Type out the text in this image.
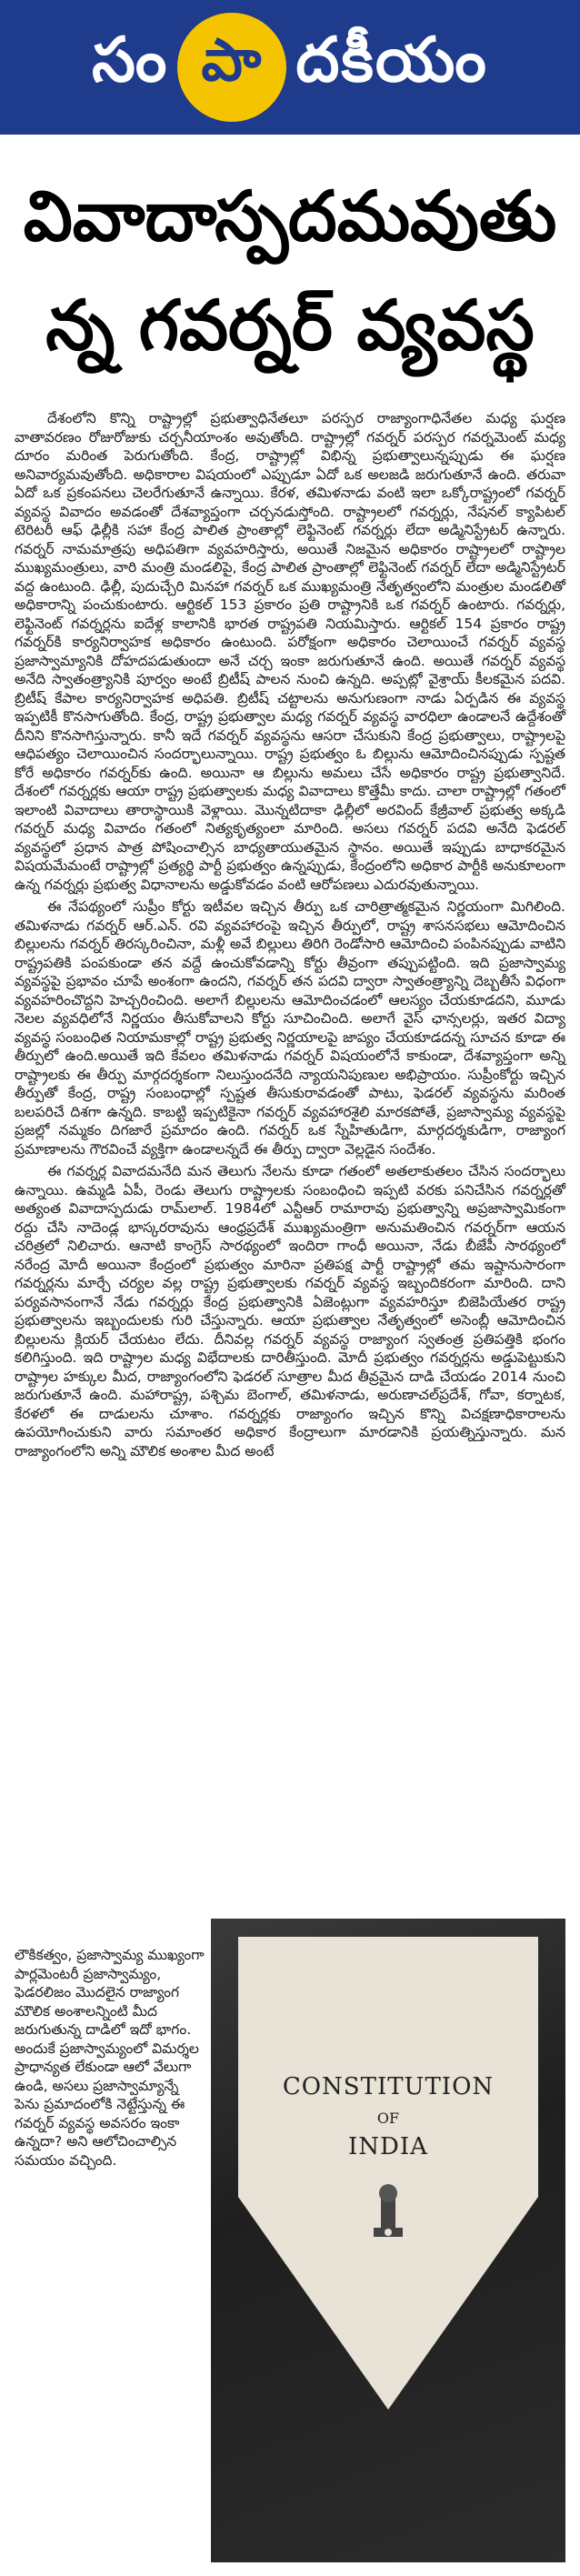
సం పా దకీయం
వివాదాస్పదమవుతు
న్న గవర్నర్ వ్యవస్థ

దేశంలోని కొన్ని రాష్ట్రాల్లో ప్రభుత్వాధినేతలూ పరస్పర రాజ్యాంగాధినేతల మధ్య ఘర్షణ వాతావరణం రోజురోజుకు చర్చనీయాంశం అవుతోంది. రాష్ట్రాల్లో గవర్నర్ పరస్పర గవర్నమెంట్ మధ్య దూరం మరింత పెరుగుతోంది. కేంద్ర, రాష్ట్రాల్లో విభిన్న ప్రభుత్వాలున్నప్పుడు ఈ ఘర్షణ అనివార్యమవుతోంది. అధికారాల విషయంలో ఎప్పుడూ ఏదో ఒక అలజడి జరుగుతూనే ఉంది. తరువా ఏదో ఒక ప్రకంపనలు చెలరేగుతూనే ఉన్నాయి. కేరళ, తమిళనాడు వంటి ఇలా ఒక్కోరాష్ట్రంలో గవర్నర్ వ్యవస్థ వివాదం అవడంతో దేశవ్యాప్తంగా చర్చనడుస్తోంది. రాష్ట్రాలలో గవర్నర్లు, నేషనల్ క్యాపిటల్ టెరిటరీ ఆఫ్ ఢిల్లీకి సహా కేంద్ర పాలిత ప్రాంతాల్లో లెఫ్టినెంట్ గవర్నర్లు లేదా అడ్మినిస్ట్రేటర్ ఉన్నారు. గవర్నర్ నామమాత్రపు అధిపతిగా వ్యవహరిస్తారు, అయితే నిజమైన అధికారం రాష్ట్రాలలో రాష్ట్రాల ముఖ్యమంత్రులు, వారి మంత్రి మండలిపై, కేంద్ర పాలిత ప్రాంతాల్లో లెఫ్టినెంట్ గవర్నర్ లేదా అడ్మినిస్ట్రేటర్ వద్ద ఉంటుంది. ఢిల్లీ, పుదుచ్చేరి మినహా గవర్నర్ ఒక ముఖ్యమంత్రి నేతృత్వంలోని మంత్రుల మండలితో అధికారాన్ని పంచుకుంటారు. ఆర్టికల్ 153 ప్రకారం ప్రతి రాష్ట్రానికి ఒక గవర్నర్ ఉంటారు. గవర్నర్లు, లెఫ్టినెంట్ గవర్నర్లను ఐదేళ్ల కాలానికి భారత రాష్ట్రపతి నియమిస్తారు. ఆర్టికల్ 154 ప్రకారం రాష్ట్ర గవర్నర్‌కి కార్యనిర్వాహక అధికారం ఉంటుంది. పరోక్షంగా అధికారం చెలాయించే గవర్నర్ వ్యవస్థ ప్రజాస్వామ్యానికి దోహదపడుతుందా అనే చర్చ ఇంకా జరుగుతూనే ఉంది. అయితే గవర్నర్ వ్యవస్థ అనేది స్వాతంత్ర్యానికి పూర్వం అంటే బ్రిటీష్ పాలన నుంచి ఉన్నది. అప్పట్లో వైశ్రాయ్ కీలకమైన పదవి. బ్రిటీష్ కేపాల కార్యనిర్వాహక అధిపతి. బ్రిటీష్ చట్టాలను అనుగుణంగా నాడు ఏర్పడిన ఈ వ్యవస్థ ఇప్పటికీ కొనసాగుతోంది. కేంద్ర, రాష్ట్ర ప్రభుత్వాల మధ్య గవర్నర్ వ్యవస్థ వారధిలా ఉండాలనే ఉద్దేశంతో దీనిని కొనసాగిస్తున్నారు. కానీ ఇదే గవర్నర్ వ్యవస్థను ఆసరా చేసుకుని కేంద్ర ప్రభుత్వాలు, రాష్ట్రాలపై ఆధిపత్యం చెలాయించిన సందర్భాలున్నాయి. రాష్ట్ర ప్రభుత్వం ఓ బిల్లును ఆమోదించినప్పుడు స్పష్టత కోరే అధికారం గవర్నర్‌కు ఉంది. అయినా ఆ బిల్లును అమలు చేసే అధికారం రాష్ట్ర ప్రభుత్వానిదే. దేశంలో గవర్నర్లకు ఆయా రాష్ట్ర ప్రభుత్వాలకు మధ్య వివాదాలు కొత్తేమీ కాదు. చాలా రాష్ట్రాల్లో గతంలో ఇలాంటి వివాదాలు తారాస్థాయికి వెళ్లాయి. మొన్నటిదాకా ఢిల్లీలో అరవింద్ కేజ్రీవాల్ ప్రభుత్వ అక్కడి గవర్నర్ మధ్య వివాదం గతంలో నిత్యకృత్యంలా మారింది. అసలు గవర్నర్ పదవి అనేది ఫెడరల్ వ్యవస్థలో ప్రధాన పాత్ర పోషించాల్సిన బాధ్యతాయుతమైన స్థానం. అయితే ఇప్పుడు బాధాకరమైన విషయమేమంటే రాష్ట్రాల్లో ప్రత్యర్థి పార్టీ ప్రభుత్వం ఉన్నప్పుడు, కేంద్రంలోని అధికార పార్టీకి అనుకూలంగా ఉన్న గవర్నర్లు ప్రభుత్వ విధానాలను అడ్డుకోవడం వంటి ఆరోపణలు ఎదురవుతున్నాయి.

ఈ నేపథ్యంలో సుప్రీం కోర్టు ఇటీవల ఇచ్చిన తీర్పు ఒక చారిత్రాత్మకమైన నిర్ణయంగా మిగిలింది. తమిళనాడు గవర్నర్ ఆర్.ఎన్. రవి వ్యవహారంపై ఇచ్చిన తీర్పులో, రాష్ట్ర శాసనసభలు ఆమోదించిన బిల్లులను గవర్నర్ తిరస్కరించినా, మళ్లీ అవే బిల్లులు తిరిగి రెండోసారి ఆమోదించి పంపినప్పుడు వాటిని రాష్ట్రపతికి పంపకుండా తన వద్దే ఉంచుకోవడాన్ని కోర్టు తీవ్రంగా తప్పుపట్టింది. ఇది ప్రజాస్వామ్య వ్యవస్థపై ప్రభావం చూపే అంశంగా ఉందని, గవర్నర్ తన పదవి ద్వారా స్వాతంత్ర్యాన్ని దెబ్బతీసే విధంగా వ్యవహరించొద్దని హెచ్చరించింది. అలాగే బిల్లులను ఆమోదించడంలో ఆలస్యం చేయకూడదని, మూడు నెలల వ్యవధిలోనే నిర్ణయం తీసుకోవాలని కోర్టు సూచించింది. అలాగే వైస్ ఛాన్సలర్లు, ఇతర విద్యా వ్యవస్థ సంబంధిత నియామకాల్లో రాష్ట్ర ప్రభుత్వ నిర్ణయాలపై జాప్యం చేయకూడదన్న సూచన కూడా ఈ తీర్పులో ఉంది.అయితే ఇది కేవలం తమిళనాడు గవర్నర్ విషయంలోనే కాకుండా, దేశవ్యాప్తంగా అన్ని రాష్ట్రాలకు ఈ తీర్పు మార్గదర్శకంగా నిలుస్తుందనేది న్యాయనిపుణుల అభిప్రాయం. సుప్రీంకోర్టు ఇచ్చిన తీర్పుతో కేంద్ర, రాష్ట్ర సంబంధాల్లో స్పష్టత తీసుకురావడంతో పాటు, ఫెడరల్ వ్యవస్థను మరింత బలపరిచే దిశగా ఉన్నది. కాబట్టి ఇప్పటికైనా గవర్నర్ వ్యవహారశైలి మారకపోతే, ప్రజాస్వామ్య వ్యవస్థపై ప్రజల్లో నమ్మకం దిగజారే ప్రమాదం ఉంది. గవర్నర్ ఒక స్నేహితుడిగా, మార్గదర్శకుడిగా, రాజ్యాంగ ప్రమాణాలను గౌరవించే వ్యక్తిగా ఉండాలన్నదే ఈ తీర్పు ద్వారా వెల్లడైన సందేశం.

ఈ గవర్నర్ల వివాదమనేది మన తెలుగు నేలను కూడా గతంలో అతలాకుతలం చేసిన సందర్భాలు ఉన్నాయి. ఉమ్మడి ఏపీ, రెండు తెలుగు రాష్ట్రాలకు సంబంధించి ఇప్పటి వరకు పనిచేసిన గవర్నర్లతో అత్యంత వివాదాస్పదుడు రామ్‌లాల్. 1984లో ఎన్టీఆర్ రామారావు ప్రభుత్వాన్ని అప్రజాస్వామికంగా రద్దు చేసి నాదెండ్ల భాస్కరరావును ఆంధ్రప్రదేశ్ ముఖ్యమంత్రిగా అనుమతించిన గవర్నర్‌గా ఆయన చరిత్రలో నిలిచారు. ఆనాటి కాంగ్రెస్ సారథ్యంలో ఇందిరా గాంధీ అయినా, నేడు బీజేపీ సారథ్యంలో నరేంద్ర మోదీ అయినా కేంద్రంలో ప్రభుత్వం మారినా ప్రతిపక్ష పార్టీ రాష్ట్రాల్లో తమ ఇష్టానుసారంగా గవర్నర్లను మార్చే చర్యల వల్ల రాష్ట్ర ప్రభుత్వాలకు గవర్నర్ వ్యవస్థ ఇబ్బందికరంగా మారింది. దాని పర్యవసానంగానే నేడు గవర్నర్లు కేంద్ర ప్రభుత్వానికి ఏజెంట్లుగా వ్యవహరిస్తూ బిజెపియేతర రాష్ట్ర ప్రభుత్వాలను ఇబ్బందులకు గురి చేస్తున్నారు. ఆయా ప్రభుత్వాల నేతృత్వంలో అసెంబ్లీ ఆమోదించిన బిల్లులను క్లియర్ చేయటం లేదు. దీనివల్ల గవర్నర్ వ్యవస్థ రాజ్యాంగ స్వతంత్ర ప్రతిపత్తికి భంగం కలిగిస్తుంది. ఇది రాష్ట్రాల మధ్య విభేదాలకు దారితీస్తుంది. మోదీ ప్రభుత్వం గవర్నర్లను అడ్డుపెట్టుకుని రాష్ట్రాల హక్కుల మీద, రాజ్యాంగంలోని ఫెడరల్ సూత్రాల మీద తీవ్రమైన దాడి చేయడం 2014 నుంచి జరుగుతూనే ఉంది. మహారాష్ట్ర, పశ్చిమ బెంగాల్, తమిళనాడు, అరుణాచల్‌ప్రదేశ్, గోవా, కర్నాటక, కేరళలో ఈ దాడులను చూశాం. గవర్నర్లకు రాజ్యాంగం ఇచ్చిన కొన్ని విచక్షణాధికారాలను ఉపయోగించుకుని వారు సమాంతర అధికార కేంద్రాలుగా మారడానికి ప్రయత్నిస్తున్నారు. మన రాజ్యాంగంలోని అన్ని మౌలిక అంశాల మీద అంటే

లౌకికత్వం, ప్రజాస్వామ్య ముఖ్యంగా పార్లమెంటరీ ప్రజాస్వామ్యం, ఫెడరలిజం మొదలైన రాజ్యాంగ మౌలిక అంశాలన్నింటి మీద జరుగుతున్న దాడిలో ఇదో భాగం. అందుకే ప్రజాస్వామ్యంలో విమర్శల ప్రాధాన్యత లేకుండా ఆలో వేలుగా ఉండి, అసలు ప్రజాస్వామ్యాన్నే పెను ప్రమాదంలోకి నెట్టేస్తున్న ఈ గవర్నర్ వ్యవస్థ అవసరం ఇంకా ఉన్నదా? అని ఆలోచించాల్సిన సమయం వచ్చింది.
CONSTITUTION
OF
INDIA
